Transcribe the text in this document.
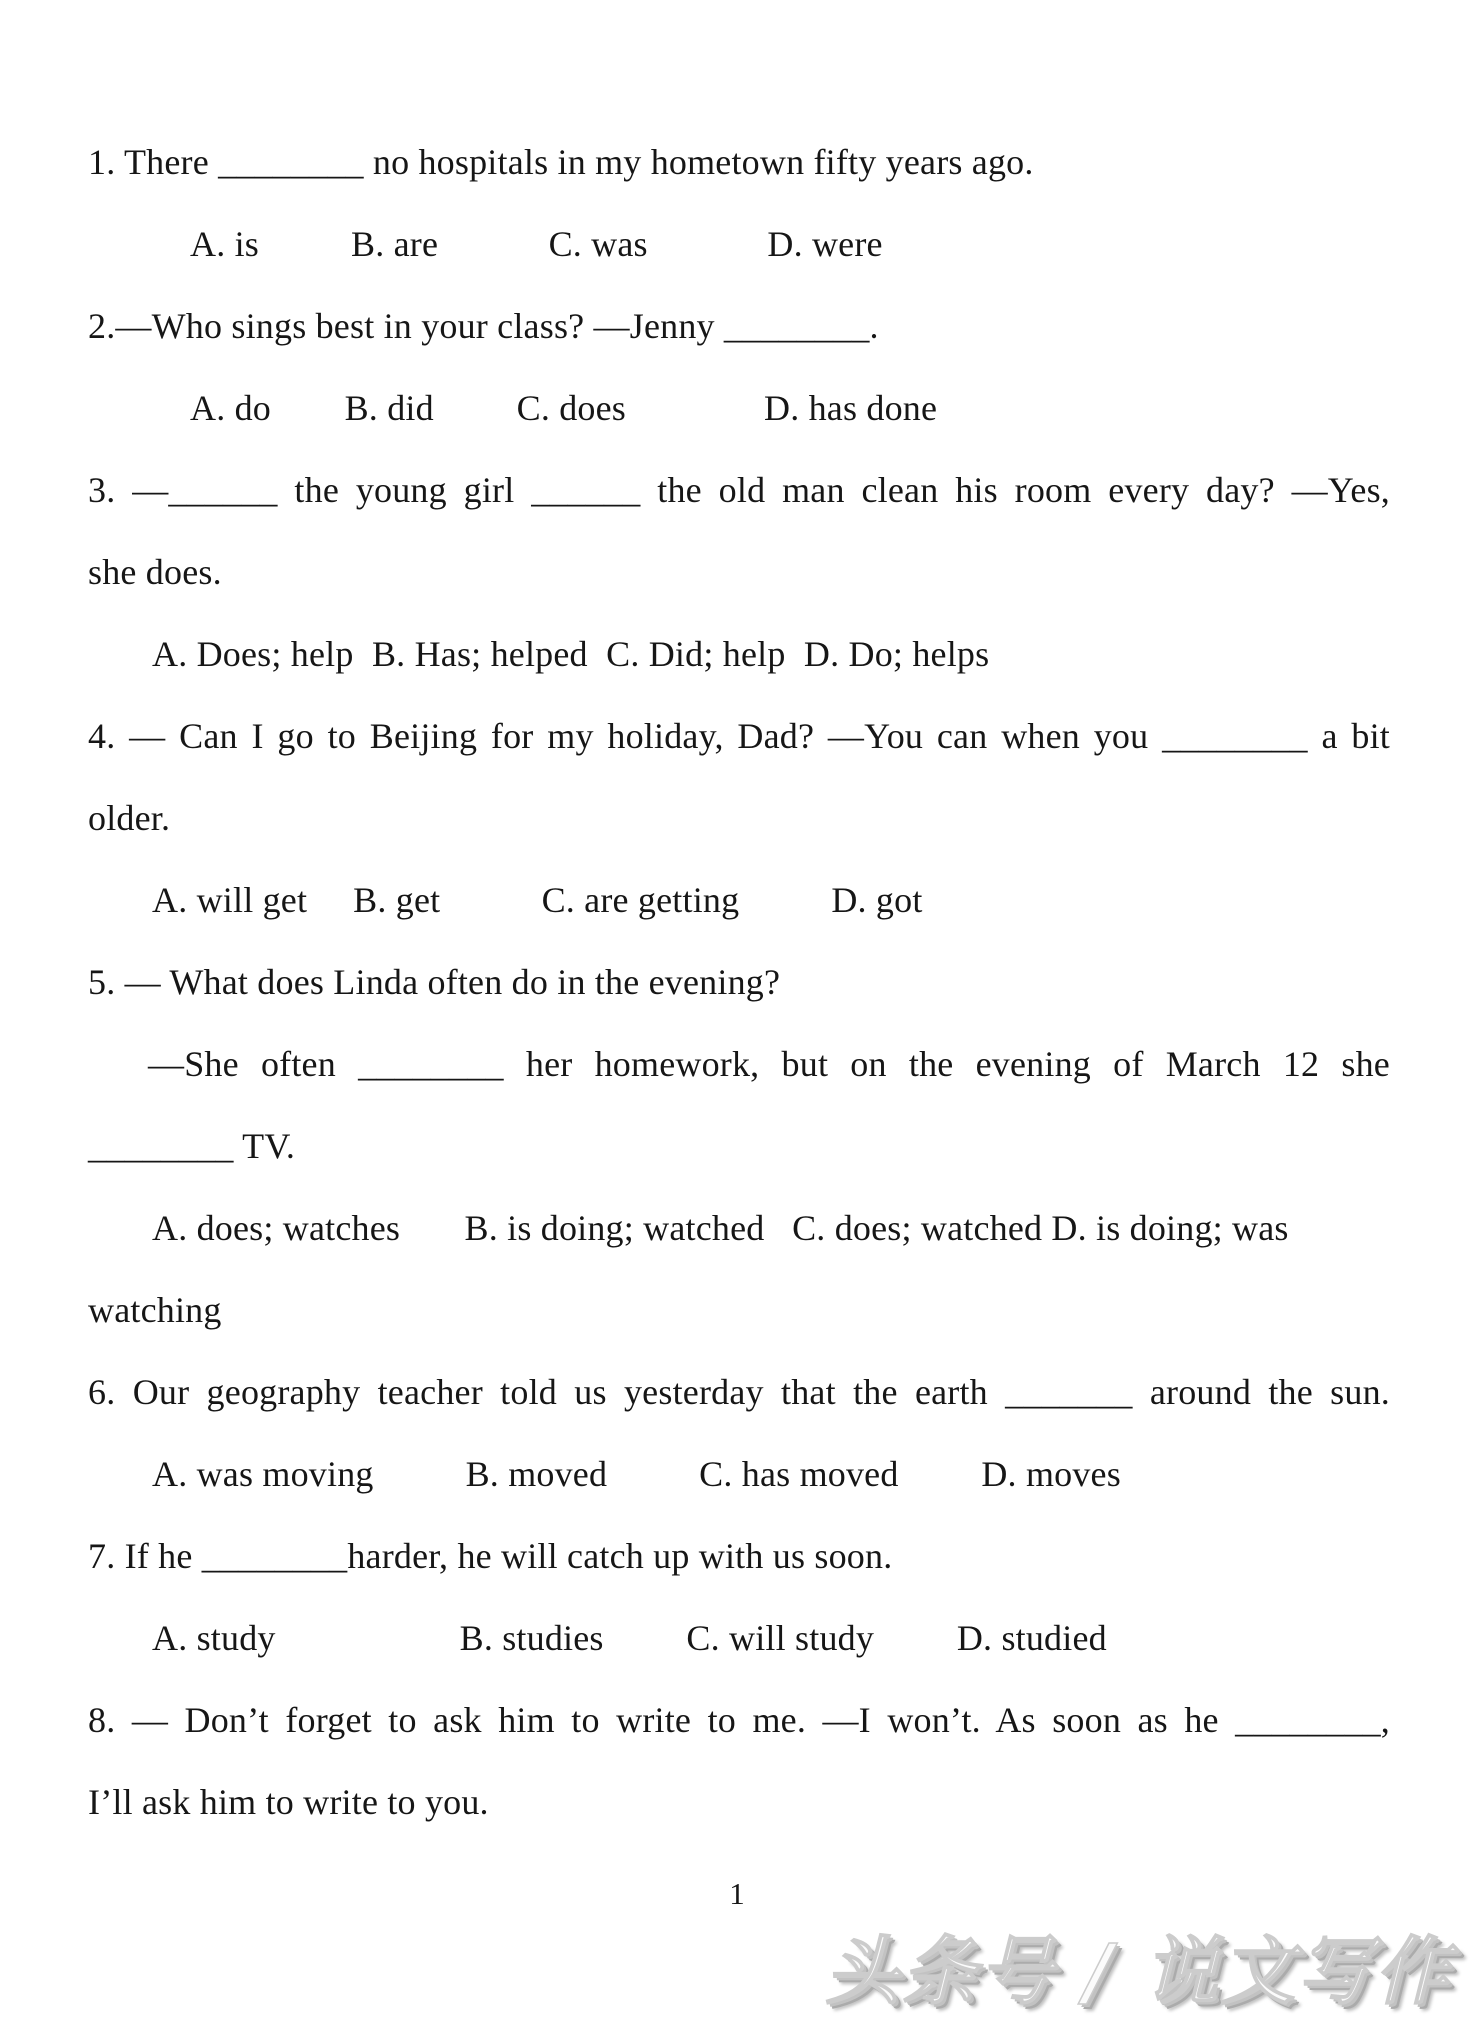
1. There ________ no hospitals in my hometown fifty years ago.
A. is          B. are            C. was             D. were
2.—Who sings best in your class? —Jenny ________.
A. do        B. did         C. does               D. has done
3. —______ the young girl ______ the old man clean his room every day? —Yes,
she does.
A. Does; help  B. Has; helped  C. Did; help  D. Do; helps
4. — Can I go to Beijing for my holiday, Dad? —You can when you ________ a bit
older.
A. will get     B. get           C. are getting          D. got
5. — What does Linda often do in the evening?
—She often ________ her homework, but on the evening of March 12 she
________ TV.
A. does; watches       B. is doing; watched   C. does; watched D. is doing; was
watching
6. Our geography teacher told us yesterday that the earth _______ around the sun.
A. was moving          B. moved          C. has moved         D. moves
7. If he ________harder, he will catch up with us soon.
A. study                    B. studies         C. will study         D. studied
8. — Don’t forget to ask him to write to me. —I won’t. As soon as he ________,
I’ll ask him to write to you.
1
头条号 / 说文写作
